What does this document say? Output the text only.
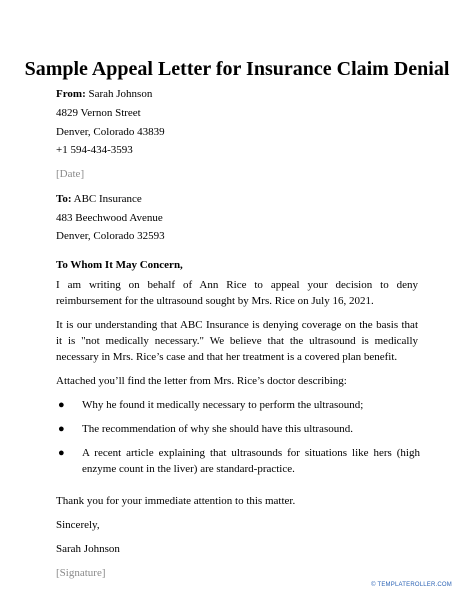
Sample Appeal Letter for Insurance Claim Denial
From: Sarah Johnson
4829 Vernon Street
Denver, Colorado 43839
+1 594-434-3593
[Date]
To: ABC Insurance
483 Beechwood Avenue
Denver, Colorado 32593
To Whom It May Concern,
I am writing on behalf of Ann Rice to appeal your decision to deny reimbursement for the ultrasound sought by Mrs. Rice on July 16, 2021.
It is our understanding that ABC Insurance is denying coverage on the basis that it is "not medically necessary." We believe that the ultrasound is medically necessary in Mrs. Rice’s case and that her treatment is a covered plan benefit.
Attached you’ll find the letter from Mrs. Rice’s doctor describing:
● Why he found it medically necessary to perform the ultrasound;
● The recommendation of why she should have this ultrasound.
● A recent article explaining that ultrasounds for situations like hers (high enzyme count in the liver) are standard-practice.
Thank you for your immediate attention to this matter.
Sincerely,
Sarah Johnson
[Signature]
© TEMPLATEROLLER.COM
